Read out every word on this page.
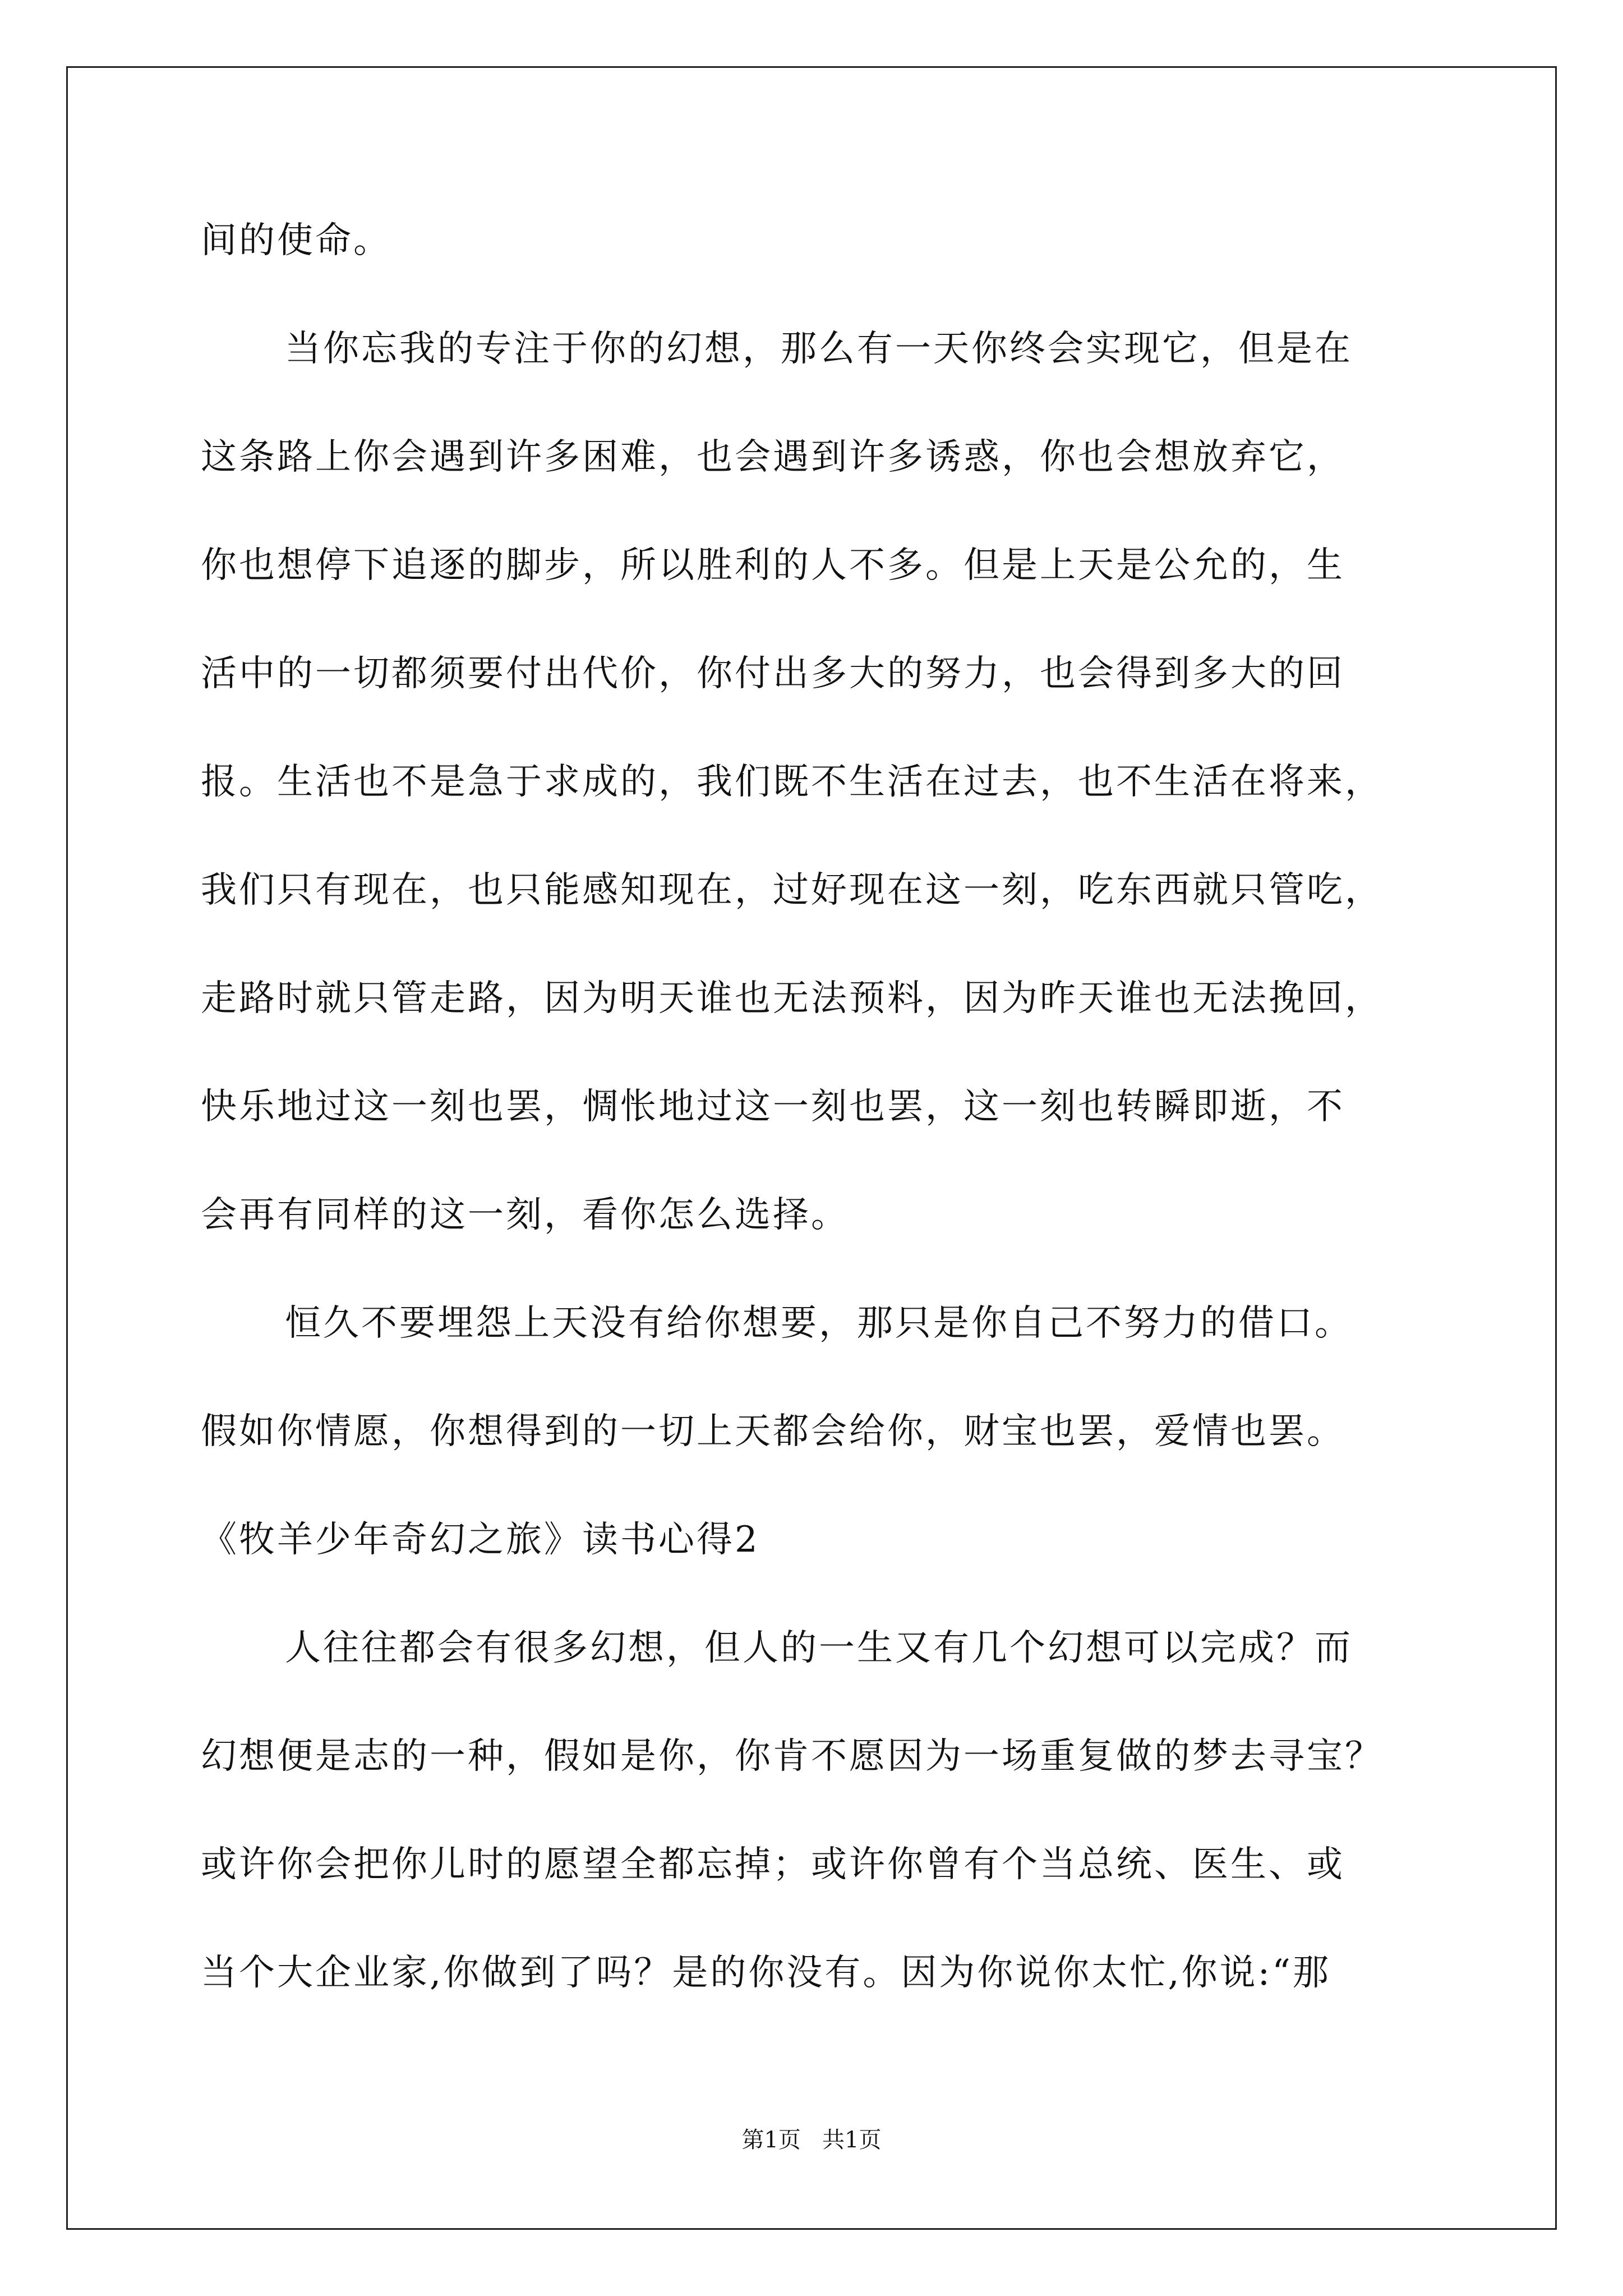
间的使命。
当你忘我的专注于你的幻想，那么有一天你终会实现它，但是在
这条路上你会遇到许多困难，也会遇到许多诱惑，你也会想放弃它，
你也想停下追逐的脚步，所以胜利的人不多。但是上天是公允的，生
活中的一切都须要付出代价，你付出多大的努力，也会得到多大的回
报。生活也不是急于求成的，我们既不生活在过去，也不生活在将来，
我们只有现在，也只能感知现在，过好现在这一刻，吃东西就只管吃，
走路时就只管走路，因为明天谁也无法预料，因为昨天谁也无法挽回，
快乐地过这一刻也罢，惆怅地过这一刻也罢，这一刻也转瞬即逝，不
会再有同样的这一刻，看你怎么选择。
恒久不要埋怨上天没有给你想要，那只是你自己不努力的借口。
假如你情愿，你想得到的一切上天都会给你，财宝也罢，爱情也罢。
《牧羊少年奇幻之旅》读书心得2
人往往都会有很多幻想，但人的一生又有几个幻想可以完成？而
幻想便是志的一种，假如是你，你肯不愿因为一场重复做的梦去寻宝？
或许你会把你儿时的愿望全都忘掉；或许你曾有个当总统、医生、或
当个大企业家,你做到了吗？是的你没有。因为你说你太忙,你说:“那
第1页   共1页
